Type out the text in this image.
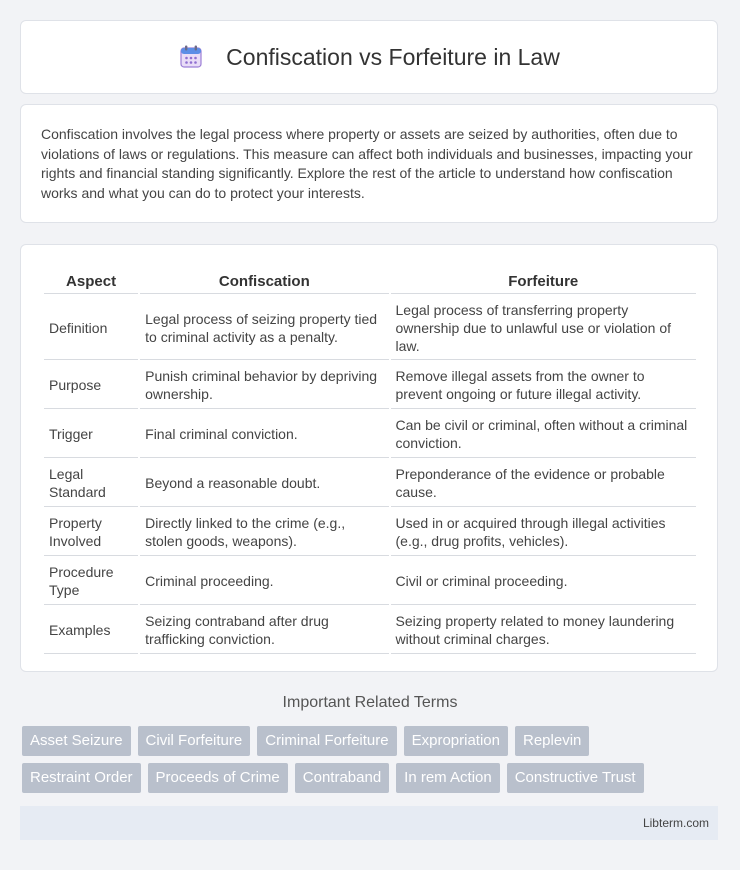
Confiscation vs Forfeiture in Law

Confiscation involves the legal process where property or assets are seized by authorities, often due to violations of laws or regulations. This measure can affect both individuals and businesses, impacting your rights and financial standing significantly. Explore the rest of the article to understand how confiscation works and what you can do to protect your interests.

Aspect	Confiscation	Forfeiture
Definition	Legal process of seizing property tied to criminal activity as a penalty.	Legal process of transferring property ownership due to unlawful use or violation of law.
Purpose	Punish criminal behavior by depriving ownership.	Remove illegal assets from the owner to prevent ongoing or future illegal activity.
Trigger	Final criminal conviction.	Can be civil or criminal, often without a criminal conviction.
Legal Standard	Beyond a reasonable doubt.	Preponderance of the evidence or probable cause.
Property Involved	Directly linked to the crime (e.g., stolen goods, weapons).	Used in or acquired through illegal activities (e.g., drug profits, vehicles).
Procedure Type	Criminal proceeding.	Civil or criminal proceeding.
Examples	Seizing contraband after drug trafficking conviction.	Seizing property related to money laundering without criminal charges.
Important Related Terms
Asset Seizure	Civil Forfeiture	Criminal Forfeiture	Expropriation	Replevin
Restraint Order	Proceeds of Crime	Contraband	In rem Action	Constructive Trust
Libterm.com
